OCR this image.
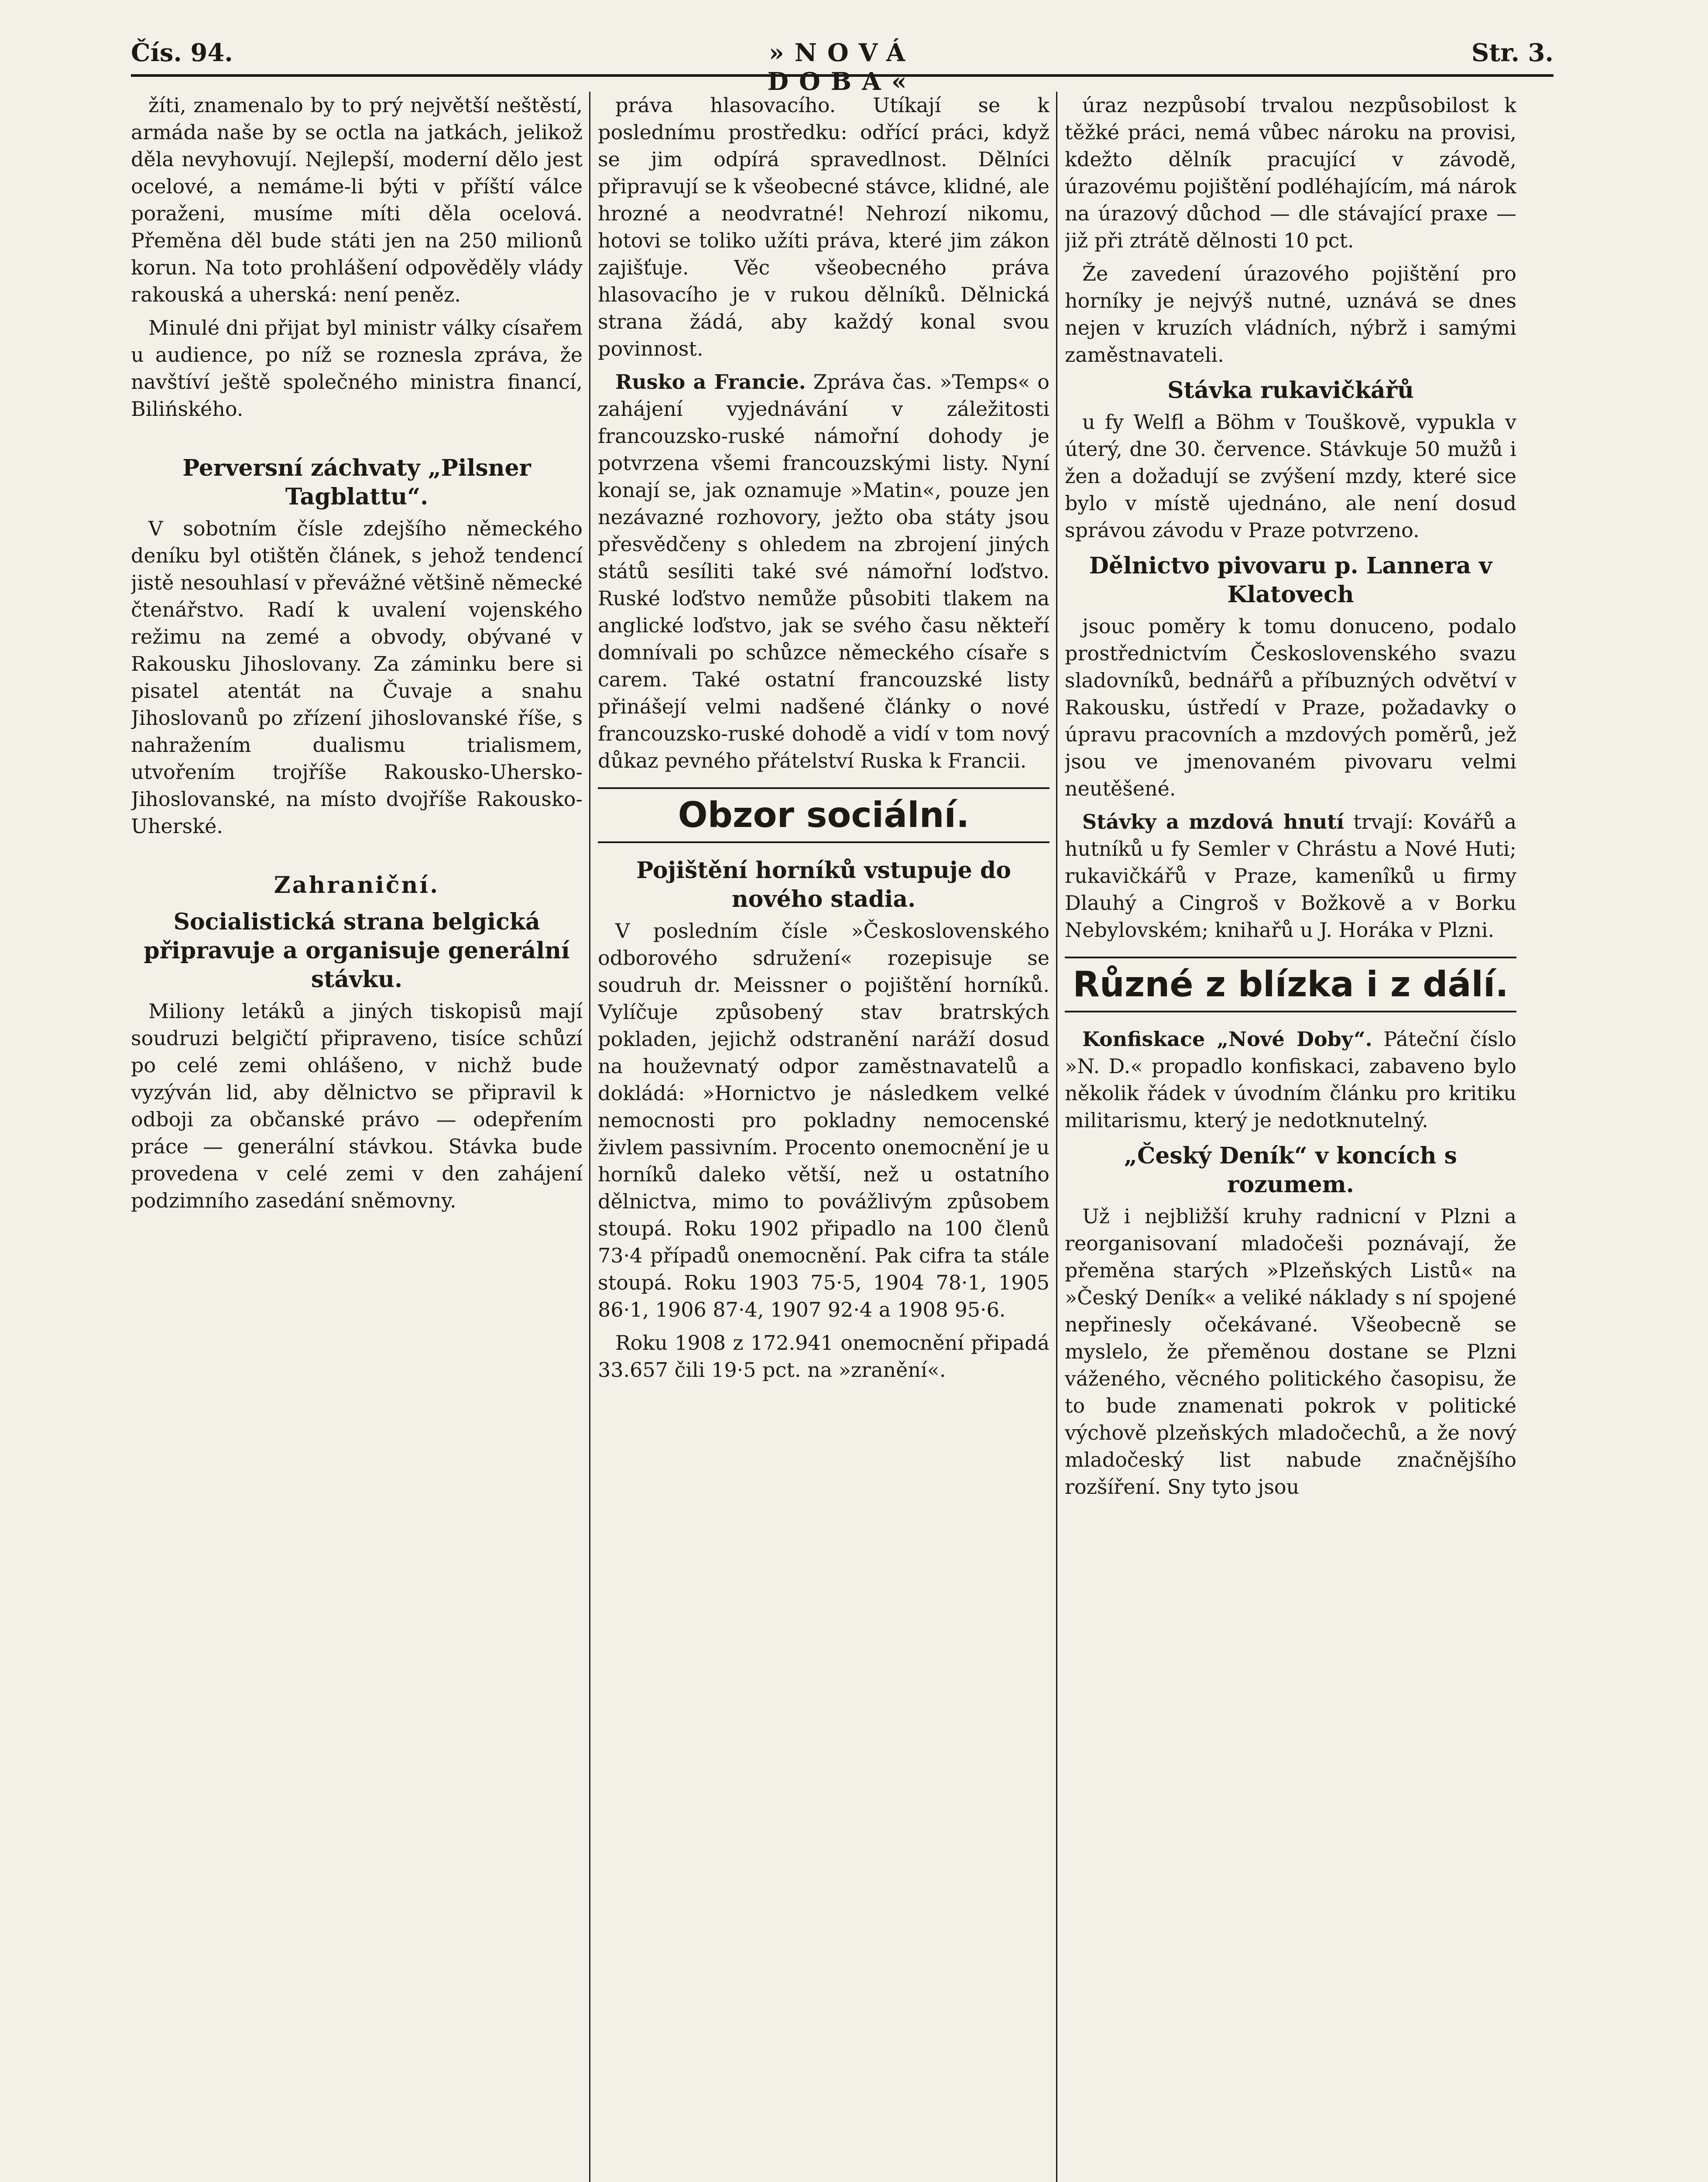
Čís. 94.	»NOVÁ DOBA«
Str. 3.

žíti, znamenalo by to prý největší neštěstí, armáda naše by se octla na jatkách, jelikož děla nevyhovují. Nejlepší, moderní dělo jest ocelové, a nemáme-li býti v příští válce poraženi, musíme míti děla ocelová. Přeměna děl bude státi jen na 250 milionů korun. Na toto prohlášení odpověděly vlády rakouská a uherská: není peněz.

Minulé dni přijat byl ministr války císařem u audience, po níž se roznesla zpráva, že navštíví ještě společného ministra financí, Bilińského.

Perversní záchvaty „Pilsner Tagblattu“.

V sobotním čísle zdejšího německého deníku byl otištěn článek, s jehož tendencí jistě nesouhlasí v převážné většině německé čtenářstvo. Radí k uvalení vojenského režimu na zemé a obvody, obývané v Rakousku Jihoslovany. Za záminku bere si pisatel atentát na Čuvaje a snahu Jihoslovanů po zřízení jihoslovanské říše, s nahražením dualismu trialismem, utvořením trojříše Rakousko-Uhersko-Jihoslovanské, na místo dvojříše Rakousko-Uherské.

Zahraniční.
Socialistická strana belgická připravuje a organisuje generální stávku.

Miliony letáků a jiných tiskopisů mají soudruzi belgičtí připraveno, tisíce schůzí po celé zemi ohlášeno, v nichž bude vyzýván lid, aby dělnictvo se připravil k odboji za občanské právo — odepřením práce — generální stávkou. Stávka bude provedena v celé zemi v den zahájení podzimního zasedání sněmovny.

práva hlasovacího. Utíkají se k poslednímu prostředku: odřící práci, když se jim odpírá spravedlnost. Dělníci připravují se k všeobecné stávce, klidné, ale hrozné a neodvratné! Nehrozí nikomu, hotovi se toliko užíti práva, které jim zákon zajišťuje. Věc všeobecného práva hlasovacího je v rukou dělníků. Dělnická strana žádá, aby každý konal svou povinnost.

Rusko a Francie. Zpráva čas. »Temps« o zahájení vyjednávání v záležitosti francouzsko-ruské námořní dohody je potvrzena všemi francouzskými listy. Nyní konají se, jak oznamuje »Matin«, pouze jen nezávazné rozhovory, ježto oba státy jsou přesvědčeny s ohledem na zbrojení jiných států sesíliti také své námořní loďstvo. Ruské loďstvo nemůže působiti tlakem na anglické loďstvo, jak se svého času někteří domnívali po schůzce německého císaře s carem. Také ostatní francouzské listy přinášejí velmi nadšené články o nové francouzsko-ruské dohodě a vidí v tom nový důkaz pevného přátelství Ruska k Francii.

Obzor sociální.
Pojištění horníků vstupuje do nového stadia.

V posledním čísle »Československého odborového sdružení« rozepisuje se soudruh dr. Meissner o pojištění horníků. Vylíčuje způsobený stav bratrských pokladen, jejichž odstranění naráží dosud na houževnatý odpor zaměstnavatelů a dokládá: »Hornictvo je následkem velké nemocnosti pro pokladny nemocenské živlem passivním. Procento onemocnění je u horníků daleko větší, než u ostatního dělnictva, mimo to povážlivým způsobem stoupá. Roku 1902 připadlo na 100 členů 73·4 případů onemocnění. Pak cifra ta stále stoupá. Roku 1903 75·5, 1904 78·1, 1905 86·1, 1906 87·4, 1907 92·4 a 1908 95·6.

Roku 1908 z 172.941 onemocnění připadá 33.657 čili 19·5 pct. na »zranění«.

úraz nezpůsobí trvalou nezpůsobilost k těžké práci, nemá vůbec nároku na provisi, kdežto dělník pracující v závodě, úrazovému pojištění podléhajícím, má nárok na úrazový důchod — dle stávající praxe — již při ztrátě dělnosti 10 pct.

Že zavedení úrazového pojištění pro horníky je nejvýš nutné, uznává se dnes nejen v kruzích vládních, nýbrž i samými zaměstnavateli.

Stávka rukavičkářů

u fy Welfl a Böhm v Touškově, vypukla v úterý, dne 30. července. Stávkuje 50 mužů i žen a dožadují se zvýšení mzdy, které sice bylo v místě ujednáno, ale není dosud správou závodu v Praze potvrzeno.

Dělnictvo pivovaru p. Lannera v Klatovech

jsouc poměry k tomu donuceno, podalo prostřednictvím Československého svazu sladovníků, bednářů a příbuzných odvětví v Rakousku, ústředí v Praze, požadavky o úpravu pracovních a mzdových poměrů, jež jsou ve jmenovaném pivovaru velmi neutěšené.

Stávky a mzdová hnutí trvají: Kovářů a hutníků u fy Semler v Chrástu a Nové Huti; rukavičkářů v Praze, kamenîků u firmy Dlauhý a Cingroš v Božkově a v Borku Nebylovském; knihařů u J. Horáka v Plzni.

Různé z blízka i z dálí.

Konfiskace „Nové Doby“. Páteční číslo »N. D.« propadlo konfiskaci, zabaveno bylo několik řádek v úvodním článku pro kritiku militarismu, který je nedotknutelný.

„Český Deník“ v koncích s rozumem.

Už i nejbližší kruhy radnicní v Plzni a reorganisovaní mladočeši poznávají, že přeměna starých »Plzeňských Listů« na »Český Deník« a veliké náklady s ní spojené nepřinesly očekávané. Všeobecně se myslelo, že přeměnou dostane se Plzni váženého, věcného politického časopisu, že to bude znamenati pokrok v politické výchově plzeňských mladočechů, a že nový mladočeský list nabude značnějšího rozšíření. Sny tyto jsou
